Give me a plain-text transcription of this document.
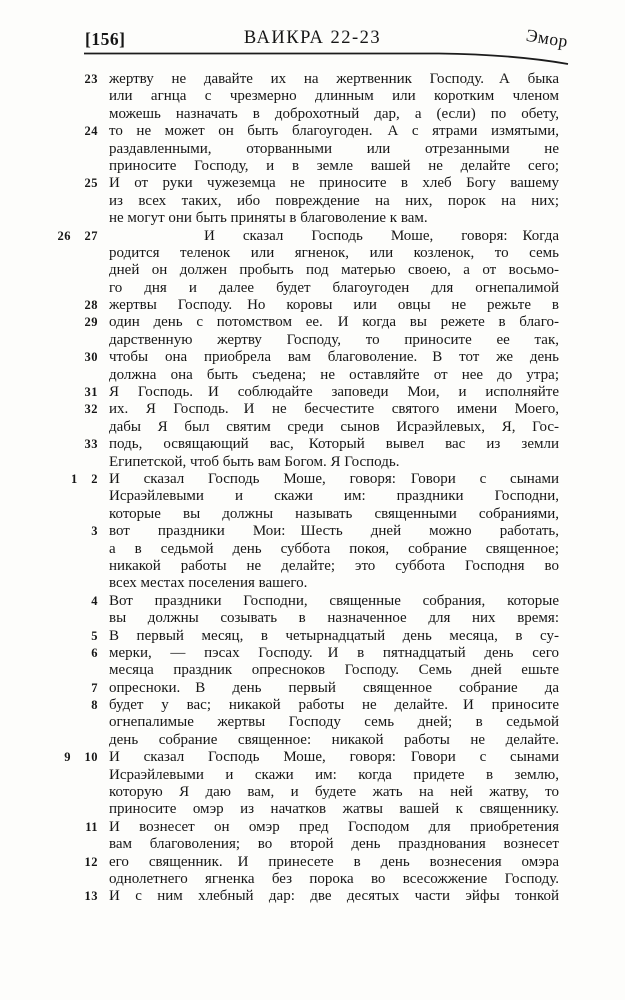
[156]	ВАИКРА 22-23	Эмор
23 жертву не давайте их на жертвенник Господу. А быка
или агнца с чрезмерно длинным или коротким членом
можешь назначать в доброхотный дар, а (если) по обету,
24 то не может он быть благоугоден. А с ятрами измятыми,
раздавленными, оторванными или отрезанными не
приносите Господу, и в земле вашей не делайте сего;
25 И от руки чужеземца не приносите в хлеб Богу вашему
из всех таких, ибо повреждение на них, порок на них;
не могут они быть приняты в благоволение к вам.
26  27	И сказал Господь Моше, говоря: Когда
родится теленок или ягненок, или козленок, то семь
дней он должен пробыть под матерью своею, а от восьмо-
го дня и далее будет благоугоден для огнепалимой
28 жертвы Господу. Но коровы или овцы не режьте в
29 один день с потомством ее. И когда вы режете в благо-
дарственную жертву Господу, то приносите ее так,
30 чтобы она приобрела вам благоволение. В тот же день
должна она быть съедена; не оставляйте от нее до утра;
31 Я Господь. И соблюдайте заповеди Мои, и исполняйте
32 их. Я Господь. И не бесчестите святого имени Моего,
дабы Я был святим среди сынов Исраэйлевых, Я, Гос-
33 подь, освящающий вас, Который вывел вас из земли
Египетской, чтоб быть вам Богом. Я Господь.
1  2 И сказал Господь Моше, говоря: Говори с сынами
Исраэйлевыми и скажи им: праздники Господни,
которые вы должны называть священными собраниями,
3 вот праздники Мои: Шесть дней можно работать,
а в седьмой день суббота покоя, собрание священное;
никакой работы не делайте; это суббота Господня во
всех местах поселения вашего.
4 Вот праздники Господни, священные собрания, которые
вы должны созывать в назначенное для них время:
5 В первый месяц, в четырнадцатый день месяца, в су-
6 мерки, — пэсах Господу. И в пятнадцатый день сего
месяца праздник опресноков Господу. Семь дней ешьте
7 опресноки. В день первый священное собрание да
8 будет у вас; никакой работы не делайте. И приносите
огнепалимые жертвы Господу семь дней; в седьмой
день собрание священное: никакой работы не делайте.
9  10 И сказал Господь Моше, говоря: Говори с сынами
Исраэйлевыми и скажи им: когда придете в землю,
которую Я даю вам, и будете жать на ней жатву, то
приносите омэр из начатков жатвы вашей к священнику.
11 И вознесет он омэр пред Господом для приобретения
вам благоволения; во второй день празднования вознесет
12 его священник. И принесете в день вознесения омэра
однолетнего ягненка без порока во всесожжение Господу.
13 И с ним хлебный дар: две десятых части эйфы тонкой
